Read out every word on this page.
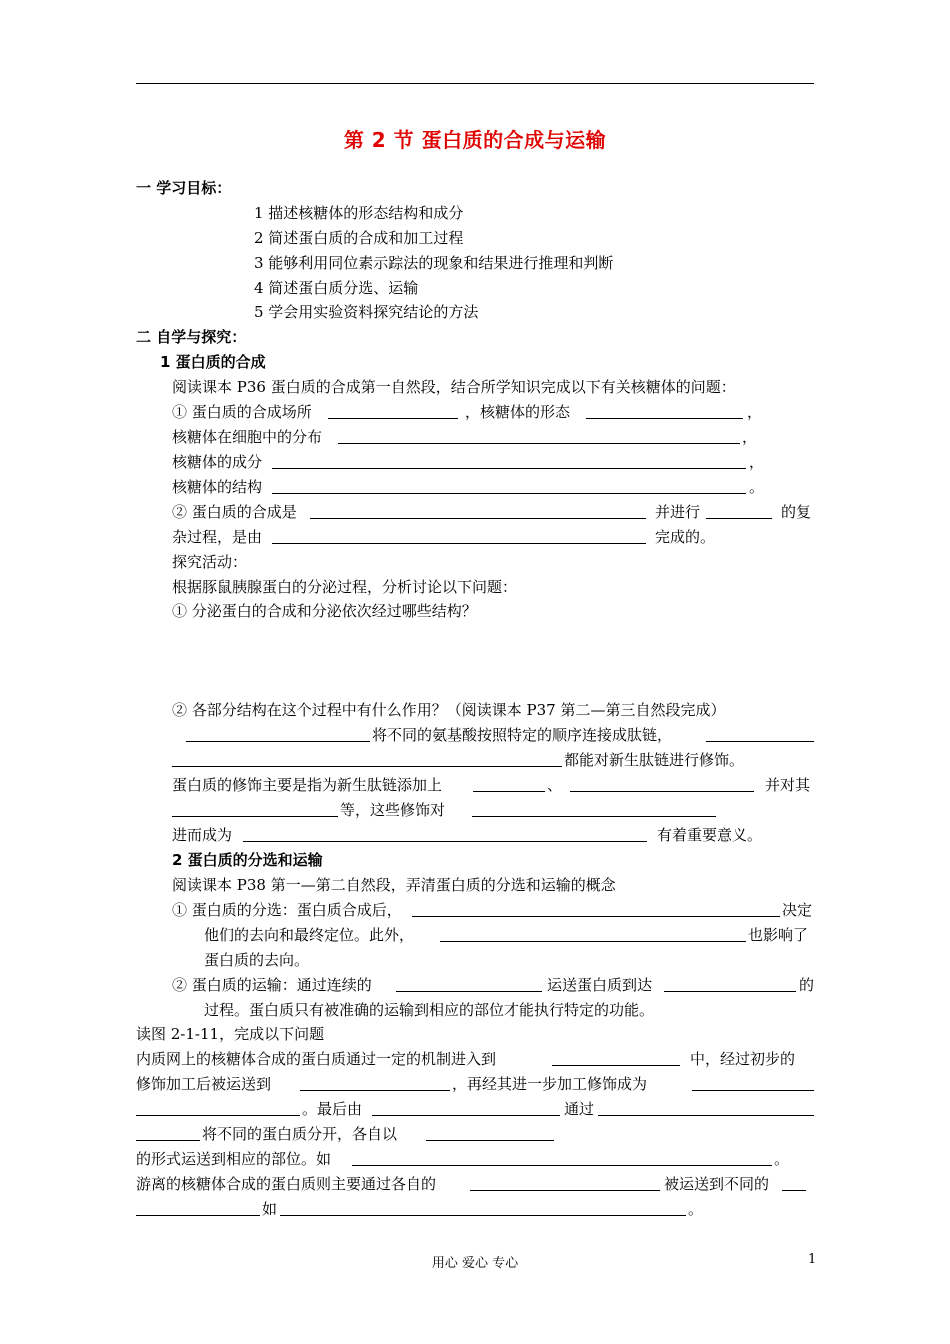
第 2 节 蛋白质的合成与运输
一 学习目标：
1 描述核糖体的形态结构和成分
2 简述蛋白质的合成和加工过程
3 能够利用同位素示踪法的现象和结果进行推理和判断
4 简述蛋白质分选、运输
5 学会用实验资料探究结论的方法
二 自学与探究：
1 蛋白质的合成
阅读课本 P36 蛋白质的合成第一自然段，结合所学知识完成以下有关核糖体的问题：
① 蛋白质的合成场所	，核糖体的形态	，
核糖体在细胞中的分布	，
核糖体的成分	，
核糖体的结构	。
② 蛋白质的合成是	并进行	的复
杂过程，是由	完成的。
探究活动：
根据豚鼠胰腺蛋白的分泌过程，分析讨论以下问题：
① 分泌蛋白的合成和分泌依次经过哪些结构？
② 各部分结构在这个过程中有什么作用？（阅读课本 P37 第二—第三自然段完成）
将不同的氨基酸按照特定的顺序连接成肽链，
都能对新生肽链进行修饰。
蛋白质的修饰主要是指为新生肽链添加上	、	并对其
等，这些修饰对
进而成为	有着重要意义。
2 蛋白质的分选和运输
阅读课本 P38 第一—第二自然段，弄清蛋白质的分选和运输的概念
① 蛋白质的分选：蛋白质合成后，	决定
他们的去向和最终定位。此外，	也影响了
蛋白质的去向。
② 蛋白质的运输：通过连续的	运送蛋白质到达	的
过程。蛋白质只有被准确的运输到相应的部位才能执行特定的功能。
读图 2-1-11，完成以下问题
内质网上的核糖体合成的蛋白质通过一定的机制进入到	中，经过初步的
修饰加工后被运送到	，再经其进一步加工修饰成为
。最后由	通过
将不同的蛋白质分开，各自以
的形式运送到相应的部位。如	。
游离的核糖体合成的蛋白质则主要通过各自的	被运送到不同的
如	。
用心 爱心 专心	1
